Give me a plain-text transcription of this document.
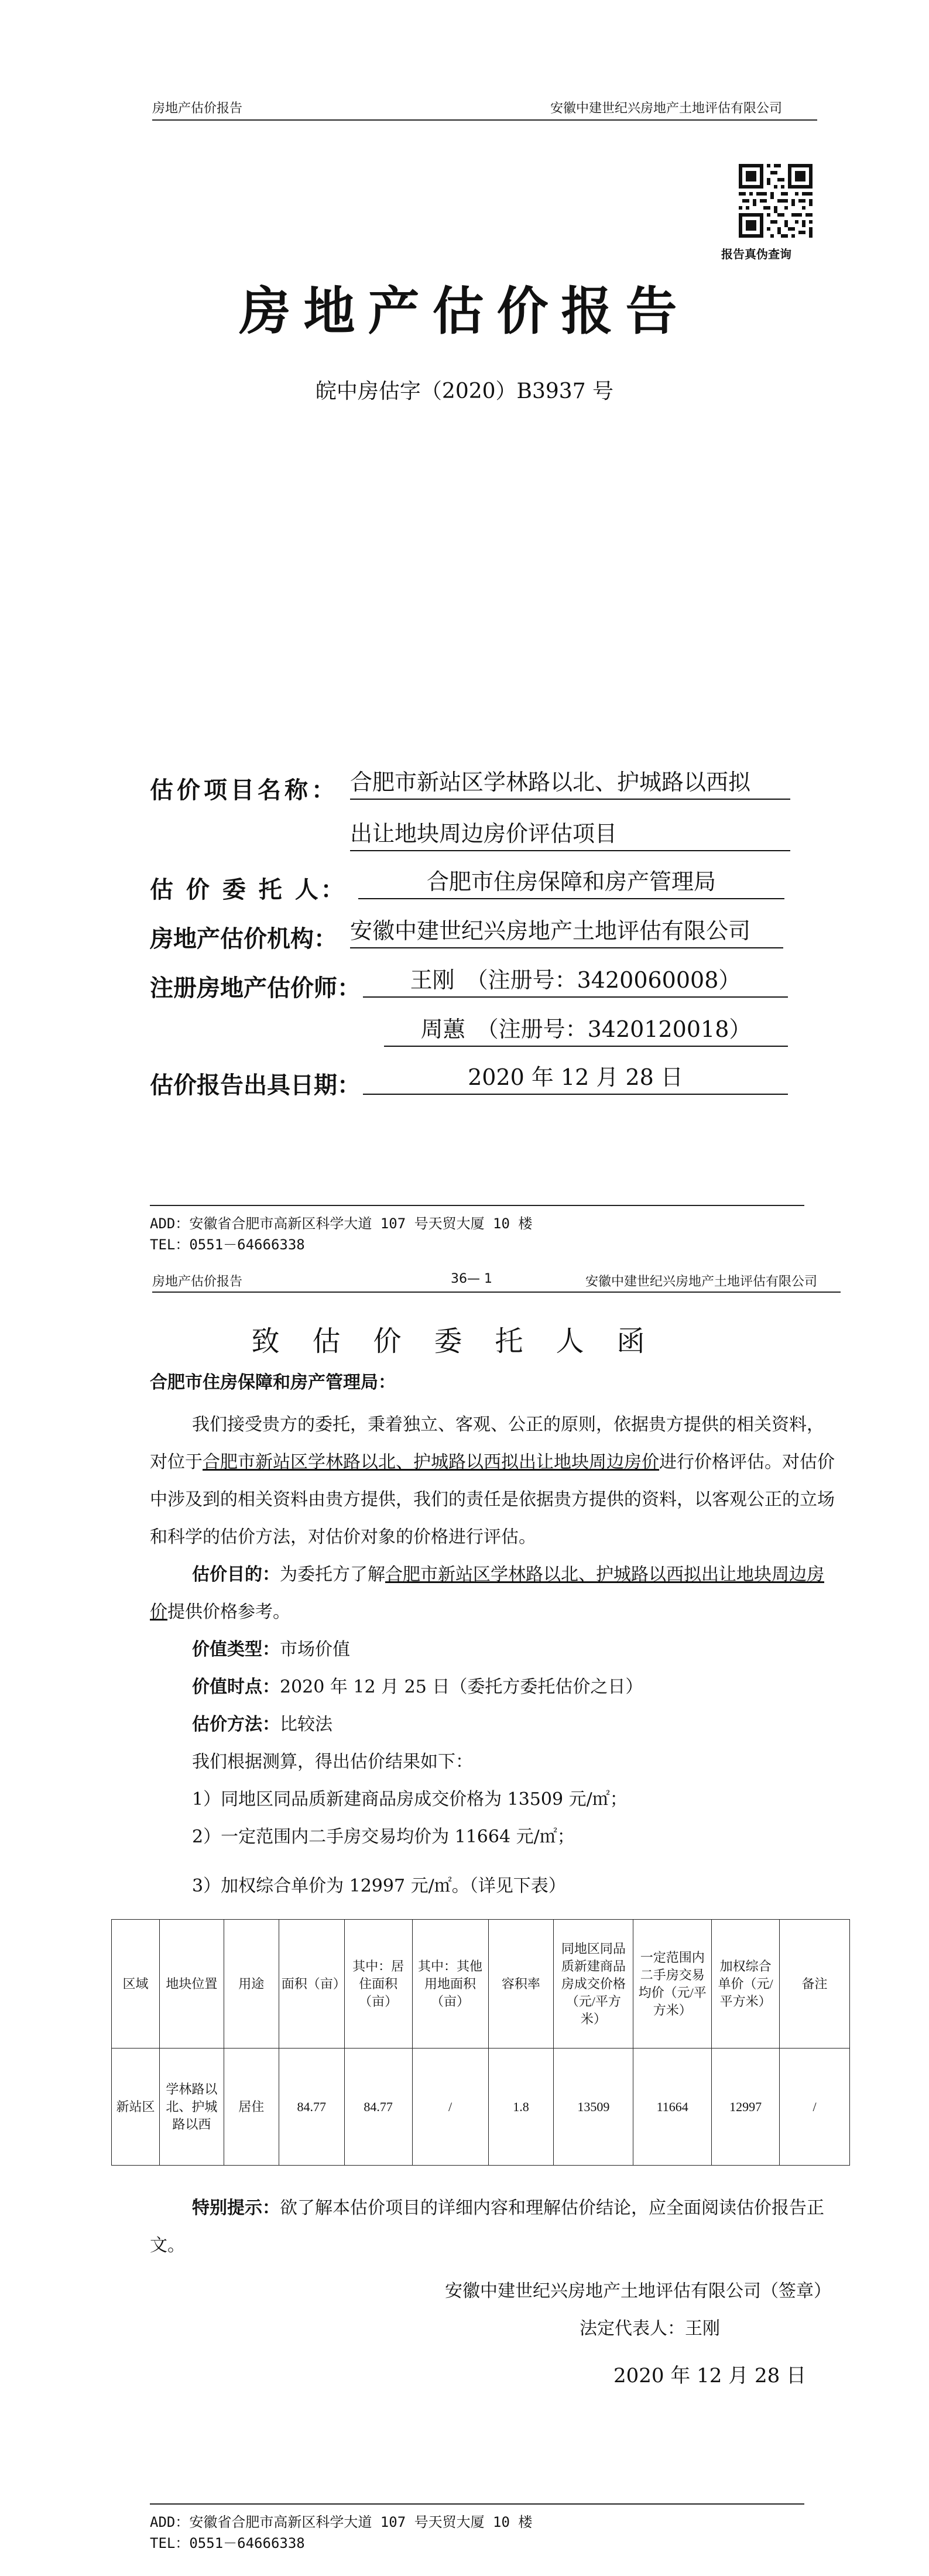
房地产估价报告	安徽中建世纪兴房地产土地评估有限公司
报告真伪查询
房地产估价报告
皖中房估字（2020）B3937 号
估价项目名称： 合肥市新站区学林路以北、护城路以西拟
出让地块周边房价评估项目
估 价 委 托 人：	合肥市住房保障和房产管理局
房地产估价机构： 安徽中建世纪兴房地产土地评估有限公司
注册房地产估价师：	王刚　（注册号：3420060008）
周蕙　（注册号：3420120018）
估价报告出具日期：	2020 年 12 月 28 日
ADD：安徽省合肥市高新区科学大道 107 号天贸大厦 10 楼
TEL：0551－64666338
房地产估价报告	36— 1	安徽中建世纪兴房地产土地评估有限公司
致估价委托人函
合肥市住房保障和房产管理局：
我们接受贵方的委托，秉着独立、客观、公正的原则，依据贵方提供的相关资料，对位于合肥市新站区学林路以北、护城路以西拟出让地块周边房价进行价格评估。对估价中涉及到的相关资料由贵方提供，我们的责任是依据贵方提供的资料，以客观公正的立场和科学的估价方法，对估价对象的价格进行评估。
估价目的：为委托方了解合肥市新站区学林路以北、护城路以西拟出让地块周边房价提供价格参考。
价值类型：市场价值
价值时点：2020 年 12 月 25 日（委托方委托估价之日）
估价方法：比较法
我们根据测算，得出估价结果如下：
1）同地区同品质新建商品房成交价格为 13509 元/㎡；
2）一定范围内二手房交易均价为 11664 元/㎡；
3）加权综合单价为 12997 元/㎡。（详见下表）
区域	地块位置	用途	面积（亩）	其中：居住面积（亩）	其中：其他用地面积（亩）	容积率	同地区同品质新建商品房成交价格（元/平方米）	一定范围内二手房交易均价（元/平方米）	加权综合单价（元/平方米）	备注
新站区	学林路以北、护城路以西	居住	84.77	84.77	/	1.8	13509	11664	12997	/
特别提示：欲了解本估价项目的详细内容和理解估价结论，应全面阅读估价报告正文。
安徽中建世纪兴房地产土地评估有限公司（签章）
法定代表人：王刚
2020 年 12 月 28 日
ADD：安徽省合肥市高新区科学大道 107 号天贸大厦 10 楼
TEL：0551－64666338
